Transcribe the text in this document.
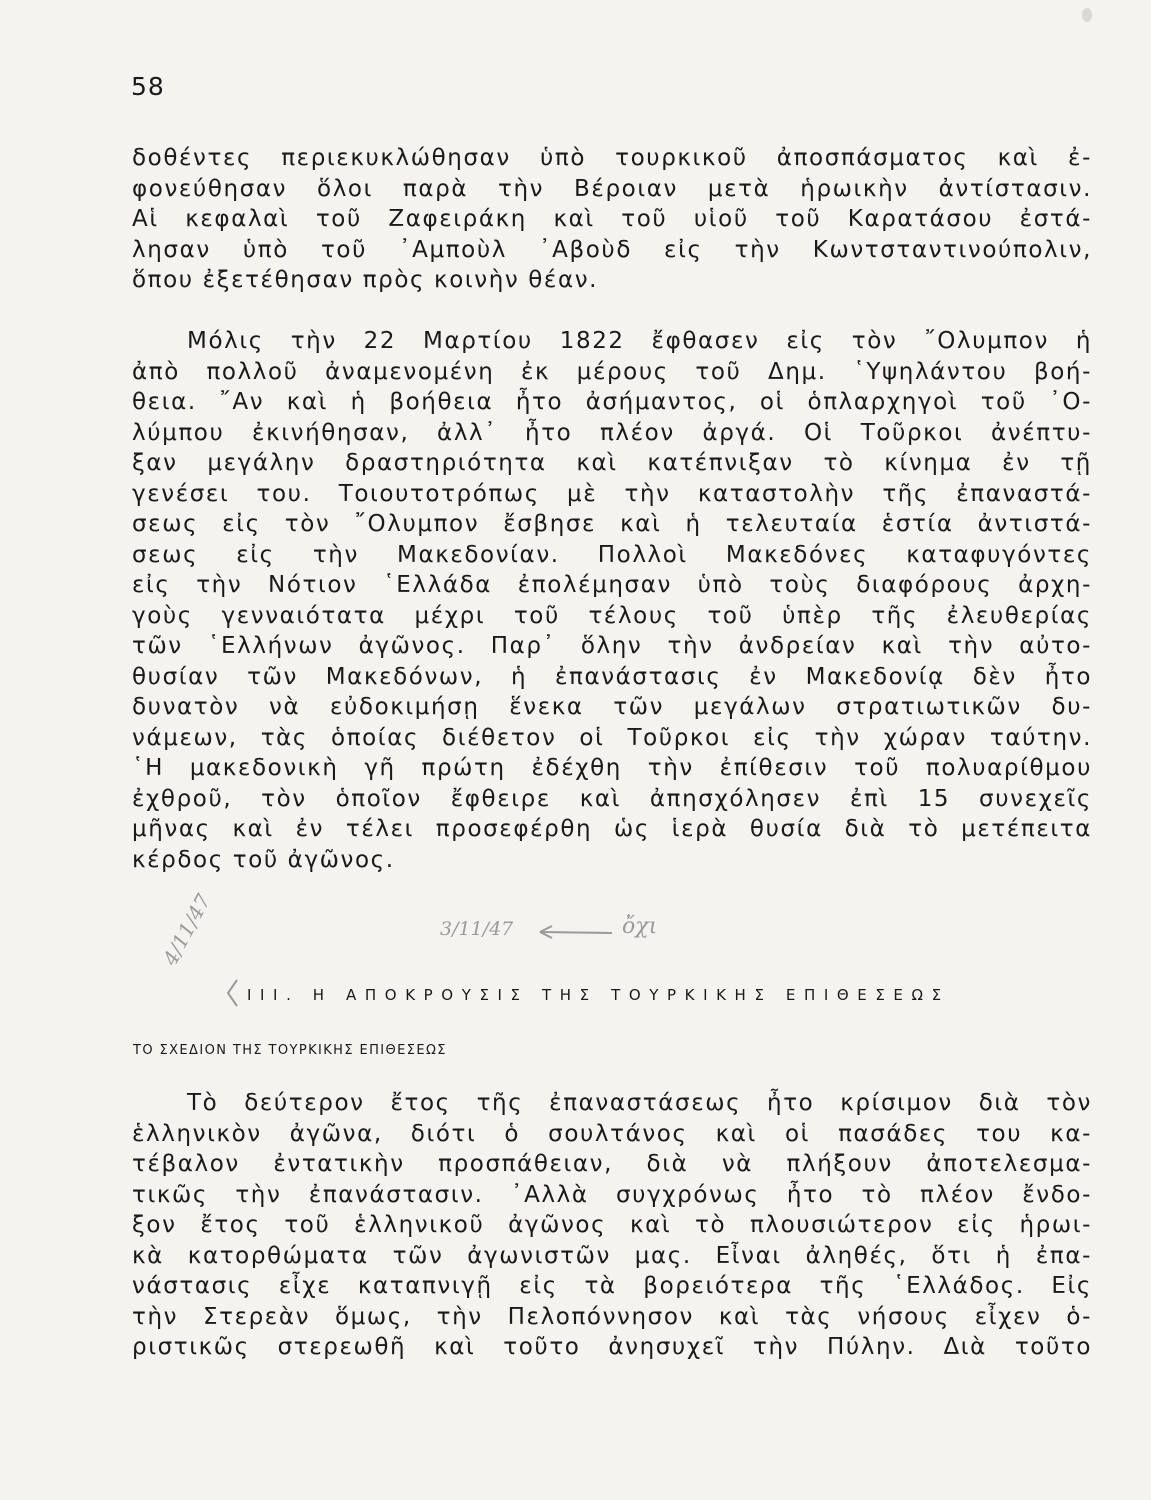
58
δοθέντες περιεκυκλώθησαν ὑπὸ τουρκικοῦ ἀποσπάσματος καὶ ἐ-
φονεύθησαν ὅλοι παρὰ τὴν Βέροιαν μετὰ ἡρωικὴν ἀντίστασιν.
Αἱ κεφαλαὶ τοῦ Ζαφειράκη καὶ τοῦ υἱοῦ τοῦ Καρατάσου ἐστά-
λησαν ὑπὸ τοῦ ᾿Αμποὺλ ᾿Αβοὺδ εἰς τὴν Κωντσταντινούπολιν,
ὅπου ἐξετέθησαν πρὸς κοινὴν θέαν.
Μόλις τὴν 22 Μαρτίου 1822 ἔφθασεν εἰς τὸν ῎Ολυμπον ἡ
ἀπὸ πολλοῦ ἀναμενομένη ἐκ μέρους τοῦ Δημ. ῾Υψηλάντου βοή-
θεια. ῎Αν καὶ ἡ βοήθεια ἦτο ἀσήμαντος, οἱ ὁπλαρχηγοὶ τοῦ ᾿Ο-
λύμπου ἐκινήθησαν, ἀλλ᾿ ἦτο πλέον ἀργά. Οἱ Τοῦρκοι ἀνέπτυ-
ξαν μεγάλην δραστηριότητα καὶ κατέπνιξαν τὸ κίνημα ἐν τῇ
γενέσει του. Τοιουτοτρόπως μὲ τὴν καταστολὴν τῆς ἐπαναστά-
σεως εἰς τὸν ῎Ολυμπον ἔσβησε καὶ ἡ τελευταία ἑστία ἀντιστά-
σεως εἰς τὴν Μακεδονίαν. Πολλοὶ Μακεδόνες καταφυγόντες
εἰς τὴν Νότιον ῾Ελλάδα ἐπολέμησαν ὑπὸ τοὺς διαφόρους ἀρχη-
γοὺς γενναιότατα μέχρι τοῦ τέλους τοῦ ὑπὲρ τῆς ἐλευθερίας
τῶν ῾Ελλήνων ἀγῶνος. Παρ᾿ ὅλην τὴν ἀνδρείαν καὶ τὴν αὐτο-
θυσίαν τῶν Μακεδόνων, ἡ ἐπανάστασις ἐν Μακεδονίᾳ δὲν ἦτο
δυνατὸν νὰ εὐδοκιμήσῃ ἕνεκα τῶν μεγάλων στρατιωτικῶν δυ-
νάμεων, τὰς ὁποίας διέθετον οἱ Τοῦρκοι εἰς τὴν χώραν ταύτην.
῾Η μακεδονικὴ γῆ πρώτη ἐδέχθη τὴν ἐπίθεσιν τοῦ πολυαρίθμου
ἐχθροῦ, τὸν ὁποῖον ἔφθειρε καὶ ἀπησχόλησεν ἐπὶ 15 συνεχεῖς
μῆνας καὶ ἐν τέλει προσεφέρθη ὡς ἱερὰ θυσία διὰ τὸ μετέπειτα
κέρδος τοῦ ἀγῶνος.
3/11/47	ὄχι
4/11/47
III. Η ΑΠΟΚΡΟΥΣΙΣ ΤΗΣ ΤΟΥΡΚΙΚΗΣ ΕΠΙΘΕΣΕΩΣ
ΤΟ ΣΧΕΔΙΟΝ ΤΗΣ ΤΟΥΡΚΙΚΗΣ ΕΠΙΘΕΣΕΩΣ
Τὸ δεύτερον ἔτος τῆς ἐπαναστάσεως ἦτο κρίσιμον διὰ τὸν
ἑλληνικὸν ἀγῶνα, διότι ὁ σουλτάνος καὶ οἱ πασάδες του κα-
τέβαλον ἐντατικὴν προσπάθειαν, διὰ νὰ πλήξουν ἀποτελεσμα-
τικῶς τὴν ἐπανάστασιν. ᾿Αλλὰ συγχρόνως ἦτο τὸ πλέον ἔνδο-
ξον ἔτος τοῦ ἑλληνικοῦ ἀγῶνος καὶ τὸ πλουσιώτερον εἰς ἡρωι-
κὰ κατορθώματα τῶν ἀγωνιστῶν μας. Εἶναι ἀληθές, ὅτι ἡ ἐπα-
νάστασις εἶχε καταπνιγῇ εἰς τὰ βορειότερα τῆς ῾Ελλάδος. Εἰς
τὴν Στερεὰν ὅμως, τὴν Πελοπόννησον καὶ τὰς νήσους εἶχεν ὁ-
ριστικῶς στερεωθῆ καὶ τοῦτο ἀνησυχεῖ τὴν Πύλην. Διὰ τοῦτο
